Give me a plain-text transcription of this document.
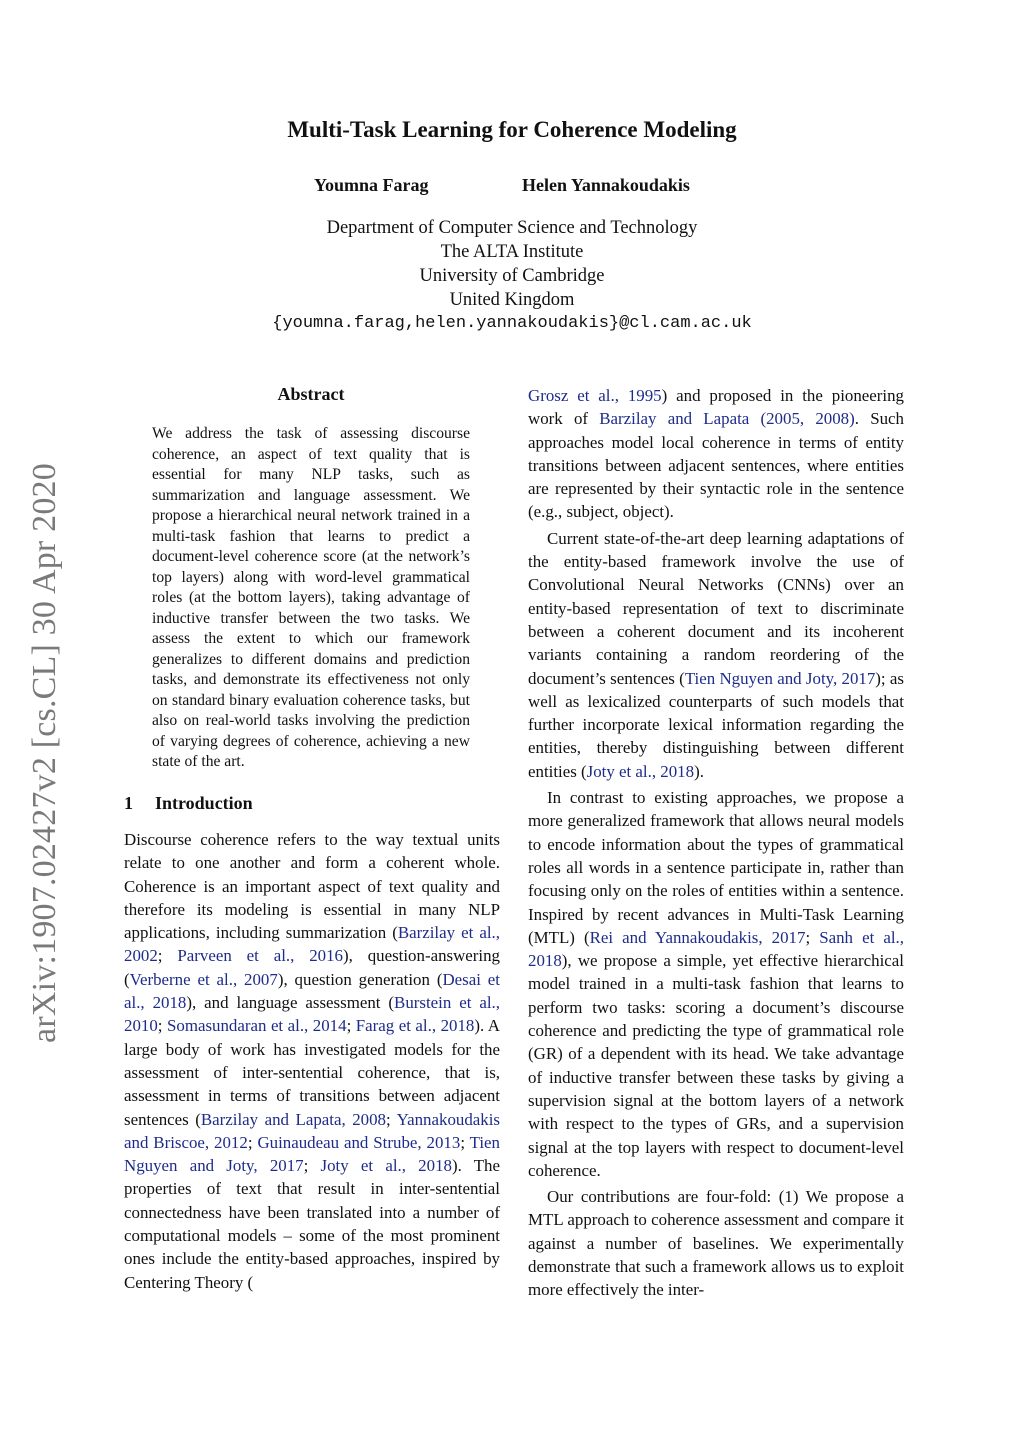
arXiv:1907.02427v2 [cs.CL] 30 Apr 2020
Multi-Task Learning for Coherence Modeling
Youmna Farag	Helen Yannakoudakis
Department of Computer Science and Technology
The ALTA Institute
University of Cambridge
United Kingdom
{youmna.farag,helen.yannakoudakis}@cl.cam.ac.uk
Abstract
We address the task of assessing discourse coherence, an aspect of text quality that is essential for many NLP tasks, such as summarization and language assessment. We propose a hierarchical neural network trained in a multi-task fashion that learns to predict a document-level coherence score (at the network’s top layers) along with word-level grammatical roles (at the bottom layers), taking advantage of inductive transfer between the two tasks. We assess the extent to which our framework generalizes to different domains and prediction tasks, and demonstrate its effectiveness not only on standard binary evaluation coherence tasks, but also on real-world tasks involving the prediction of varying degrees of coherence, achieving a new state of the art.
1 Introduction

Discourse coherence refers to the way textual units relate to one another and form a coherent whole. Coherence is an important aspect of text quality and therefore its modeling is essential in many NLP applications, including summarization (Barzilay et al., 2002; Parveen et al., 2016), question-answering (Verberne et al., 2007), question generation (Desai et al., 2018), and language assessment (Burstein et al., 2010; Somasundaran et al., 2014; Farag et al., 2018). A large body of work has investigated models for the assessment of inter-sentential coherence, that is, assessment in terms of transitions between adjacent sentences (Barzilay and Lapata, 2008; Yannakoudakis and Briscoe, 2012; Guinaudeau and Strube, 2013; Tien Nguyen and Joty, 2017; Joty et al., 2018). The properties of text that result in inter-sentential connectedness have been translated into a number of computational models – some of the most prominent ones include the entity-based approaches, inspired by Centering Theory (

Grosz et al., 1995) and proposed in the pioneering work of Barzilay and Lapata (2005, 2008). Such approaches model local coherence in terms of entity transitions between adjacent sentences, where entities are represented by their syntactic role in the sentence (e.g., subject, object).

Current state-of-the-art deep learning adaptations of the entity-based framework involve the use of Convolutional Neural Networks (CNNs) over an entity-based representation of text to discriminate between a coherent document and its incoherent variants containing a random reordering of the document’s sentences (Tien Nguyen and Joty, 2017); as well as lexicalized counterparts of such models that further incorporate lexical information regarding the entities, thereby distinguishing between different entities (Joty et al., 2018).

In contrast to existing approaches, we propose a more generalized framework that allows neural models to encode information about the types of grammatical roles all words in a sentence participate in, rather than focusing only on the roles of entities within a sentence. Inspired by recent advances in Multi-Task Learning (MTL) (Rei and Yannakoudakis, 2017; Sanh et al., 2018), we propose a simple, yet effective hierarchical model trained in a multi-task fashion that learns to perform two tasks: scoring a document’s discourse coherence and predicting the type of grammatical role (GR) of a dependent with its head. We take advantage of inductive transfer between these tasks by giving a supervision signal at the bottom layers of a network with respect to the types of GRs, and a supervision signal at the top layers with respect to document-level coherence.

Our contributions are four-fold: (1) We propose a MTL approach to coherence assessment and compare it against a number of baselines. We experimentally demonstrate that such a framework allows us to exploit more effectively the inter-
